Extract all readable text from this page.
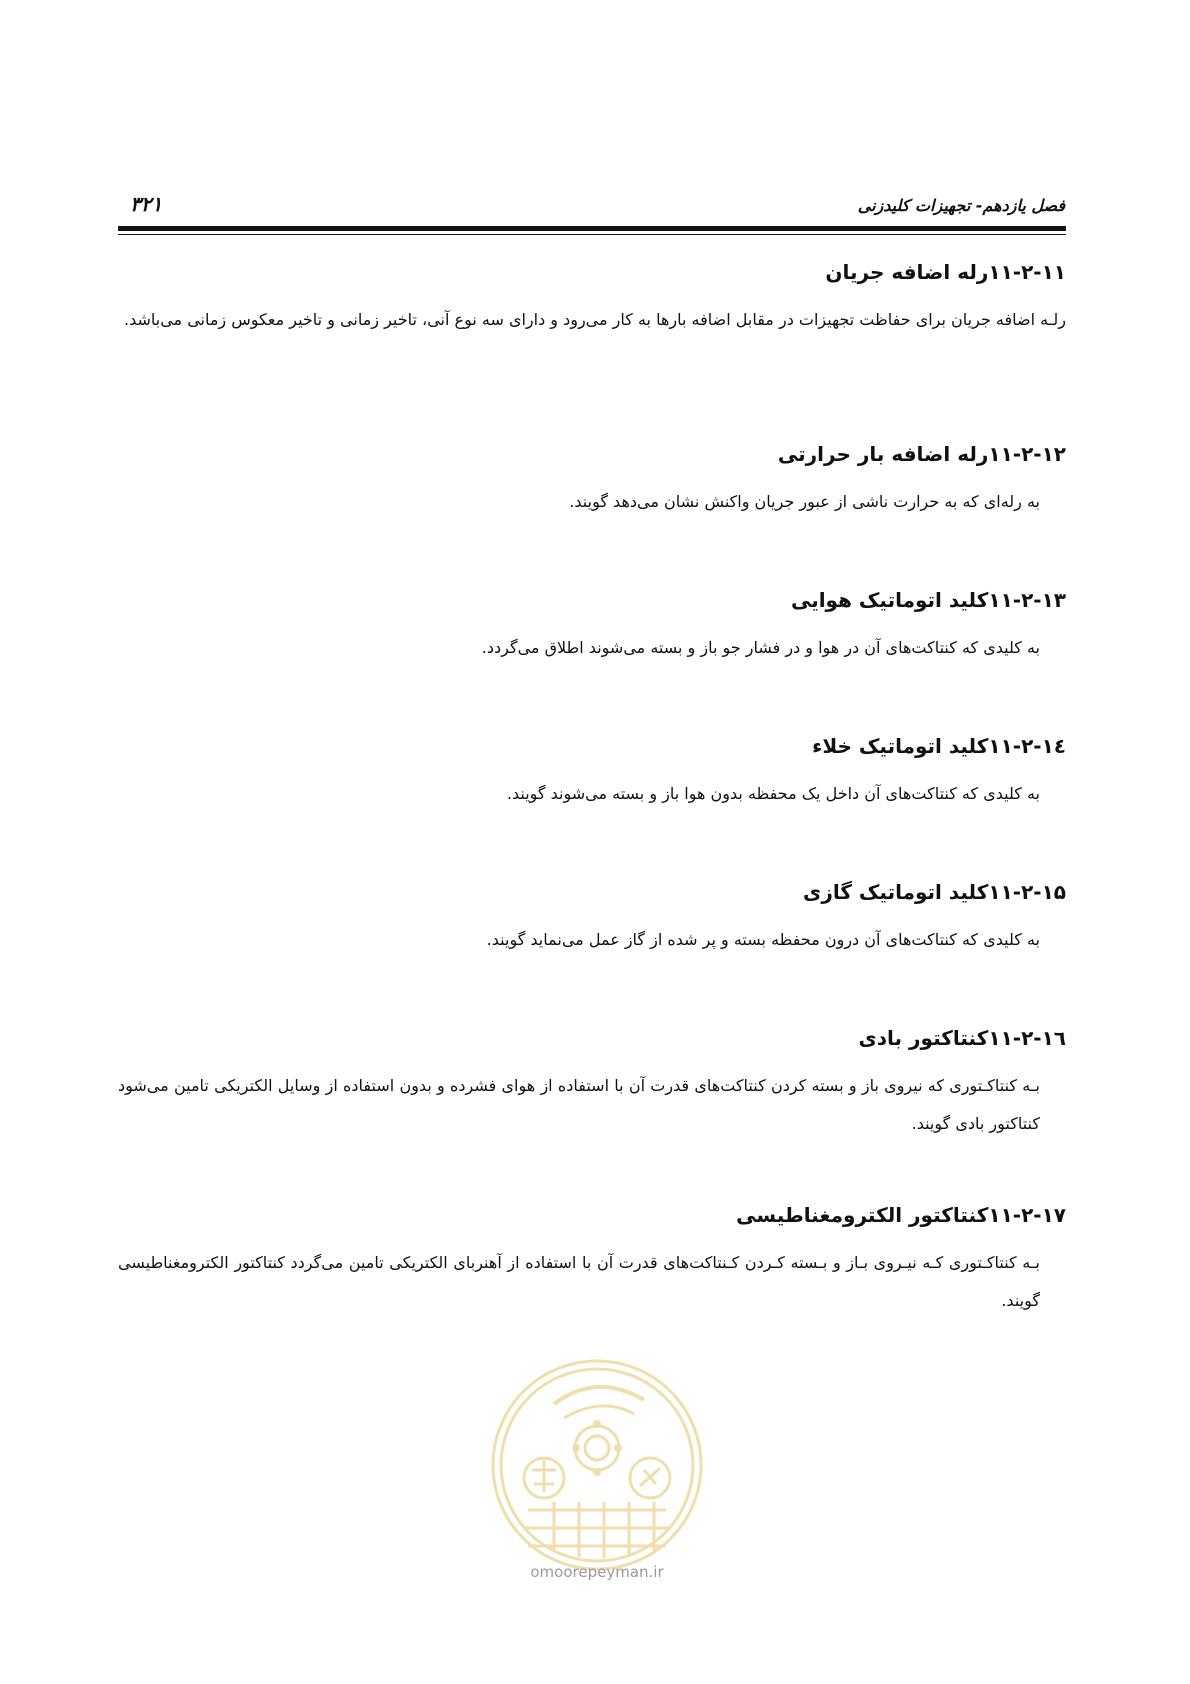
فصل یازدهم- تجهیزات کلیدزنی
۳۲۱
۱۱-۲-۱۱رله اضافه جریان

رلـه اضافه جریان برای حفاظت تجهیزات در مقابل اضافه بارها به کار می‌رود و دارای سه نوع آنی، تاخیر زمانی و تاخیر معکوس زمانی می‌باشد.

۱۱-۲-۱۲رله اضافه بار حرارتی

به رله‌ای که به حرارت ناشی از عبور جریان واکنش نشان می‌دهد گویند.

۱۱-۲-۱۳کلید اتوماتیک هوایی

به کلیدی که کنتاکت‌های آن در هوا و در فشار جو باز و بسته می‌شوند اطلاق می‌گردد.

۱۱-۲-۱٤کلید اتوماتیک خلاء

به کلیدی که کنتاکت‌های آن داخل یک محفظه بدون هوا باز و بسته می‌شوند گویند.

۱۱-۲-۱۵کلید اتوماتیک گازی

به کلیدی که کنتاکت‌های آن درون محفظه بسته و پر شده از گاز عمل می‌نماید گویند.

۱۱-۲-۱٦کنتاکتور بادی

بـه کنتاکـتوری که نیروی باز و بسته کردن کنتاکت‌های قدرت آن با استفاده از هوای فشرده و بدون استفاده از وسایل الکتریکی تامین می‌شود کنتاکتور بادی گویند.

۱۱-۲-۱۷کنتاکتور الکترومغناطیسی

بـه کنتاکـتوری کـه نیـروی بـاز و بـسته کـردن کـنتاکت‌های قدرت آن با استفاده از آهنربای الکتریکی تامین می‌گردد کنتاکتور الکترومغناطیسی گویند.

omoorepeyman.ir
